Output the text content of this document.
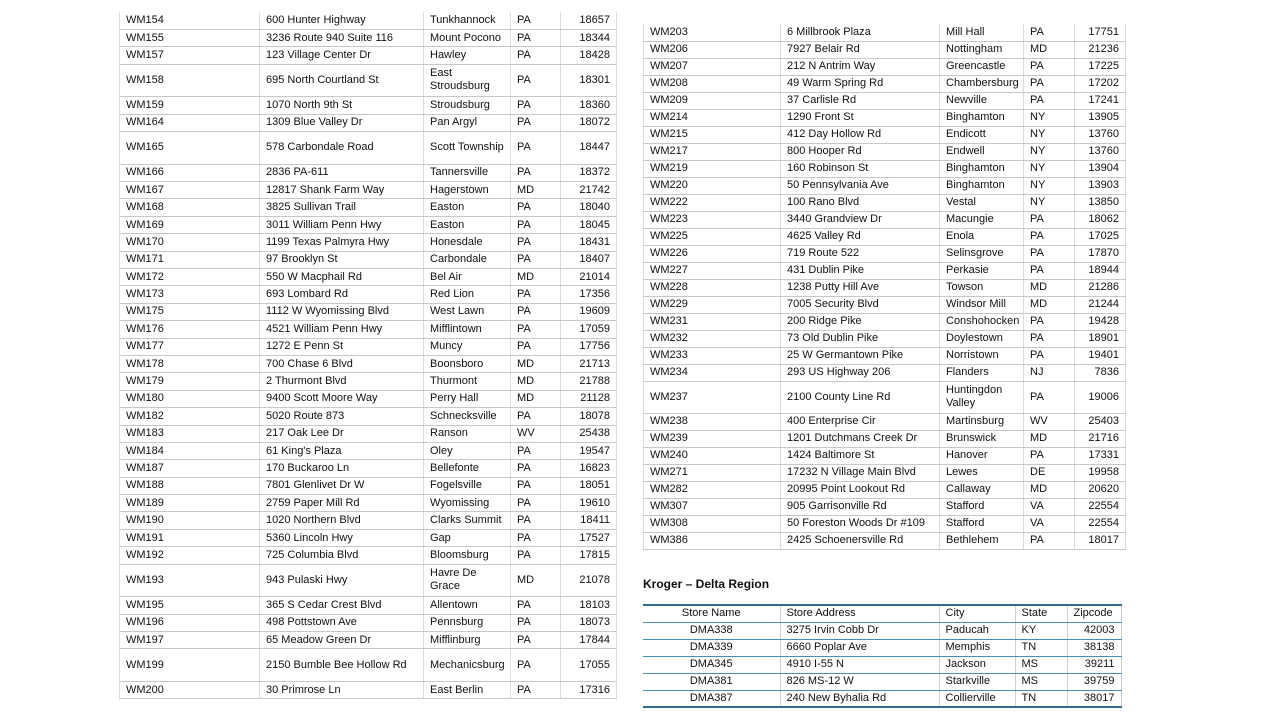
WM154	600 Hunter Highway	Tunkhannock	PA	18657
WM155	3236 Route 940 Suite 116	Mount Pocono	PA	18344
WM157	123 Village Center Dr	Hawley	PA	18428
WM158	695 North Courtland St	East Stroudsburg	PA	18301
WM159	1070 North 9th St	Stroudsburg	PA	18360
WM164	1309 Blue Valley Dr	Pan Argyl	PA	18072
WM165	578 Carbondale Road	Scott Township	PA	18447
WM166	2836 PA-611	Tannersville	PA	18372
WM167	12817 Shank Farm Way	Hagerstown	MD	21742
WM168	3825 Sullivan Trail	Easton	PA	18040
WM169	3011 William Penn Hwy	Easton	PA	18045
WM170	1199 Texas Palmyra Hwy	Honesdale	PA	18431
WM171	97 Brooklyn St	Carbondale	PA	18407
WM172	550 W Macphail Rd	Bel Air	MD	21014
WM173	693 Lombard Rd	Red Lion	PA	17356
WM175	1112 W Wyomissing Blvd	West Lawn	PA	19609
WM176	4521 William Penn Hwy	Mifflintown	PA	17059
WM177	1272 E Penn St	Muncy	PA	17756
WM178	700 Chase 6 Blvd	Boonsboro	MD	21713
WM179	2 Thurmont Blvd	Thurmont	MD	21788
WM180	9400 Scott Moore Way	Perry Hall	MD	21128
WM182	5020 Route 873	Schnecksville	PA	18078
WM183	217 Oak Lee Dr	Ranson	WV	25438
WM184	61 King's Plaza	Oley	PA	19547
WM187	170 Buckaroo Ln	Bellefonte	PA	16823
WM188	7801 Glenlivet Dr W	Fogelsville	PA	18051
WM189	2759 Paper Mill Rd	Wyomissing	PA	19610
WM190	1020 Northern Blvd	Clarks Summit	PA	18411
WM191	5360 Lincoln Hwy	Gap	PA	17527
WM192	725 Columbia Blvd	Bloomsburg	PA	17815
WM193	943 Pulaski Hwy	Havre De Grace	MD	21078
WM195	365 S Cedar Crest Blvd	Allentown	PA	18103
WM196	498 Pottstown Ave	Pennsburg	PA	18073
WM197	65 Meadow Green Dr	Mifflinburg	PA	17844
WM199	2150 Bumble Bee Hollow Rd	Mechanicsburg	PA	17055
WM200	30 Primrose Ln	East Berlin	PA	17316
WM203	6 Millbrook Plaza	Mill Hall	PA	17751
WM206	7927 Belair Rd	Nottingham	MD	21236
WM207	212 N Antrim Way	Greencastle	PA	17225
WM208	49 Warm Spring Rd	Chambersburg	PA	17202
WM209	37 Carlisle Rd	Newville	PA	17241
WM214	1290 Front St	Binghamton	NY	13905
WM215	412 Day Hollow Rd	Endicott	NY	13760
WM217	800 Hooper Rd	Endwell	NY	13760
WM219	160 Robinson St	Binghamton	NY	13904
WM220	50 Pennsylvania Ave	Binghamton	NY	13903
WM222	100 Rano Blvd	Vestal	NY	13850
WM223	3440 Grandview Dr	Macungie	PA	18062
WM225	4625 Valley Rd	Enola	PA	17025
WM226	719 Route 522	Selinsgrove	PA	17870
WM227	431 Dublin Pike	Perkasie	PA	18944
WM228	1238 Putty Hill Ave	Towson	MD	21286
WM229	7005 Security Blvd	Windsor Mill	MD	21244
WM231	200 Ridge Pike	Conshohocken	PA	19428
WM232	73 Old Dublin Pike	Doylestown	PA	18901
WM233	25 W Germantown Pike	Norristown	PA	19401
WM234	293 US Highway 206	Flanders	NJ	7836
WM237	2100 County Line Rd	Huntingdon Valley	PA	19006
WM238	400 Enterprise Cir	Martinsburg	WV	25403
WM239	1201 Dutchmans Creek Dr	Brunswick	MD	21716
WM240	1424 Baltimore St	Hanover	PA	17331
WM271	17232 N Village Main Blvd	Lewes	DE	19958
WM282	20995 Point Lookout Rd	Callaway	MD	20620
WM307	905 Garrisonville Rd	Stafford	VA	22554
WM308	50 Foreston Woods Dr #109	Stafford	VA	22554
WM386	2425 Schoenersville Rd	Bethlehem	PA	18017
Kroger – Delta Region
Store Name	Store Address	City	State	Zipcode
DMA338	3275 Irvin Cobb Dr	Paducah	KY	42003
DMA339	6660 Poplar Ave	Memphis	TN	38138
DMA345	4910 I-55 N	Jackson	MS	39211
DMA381	826 MS-12 W	Starkville	MS	39759
DMA387	240 New Byhalia Rd	Collierville	TN	38017
